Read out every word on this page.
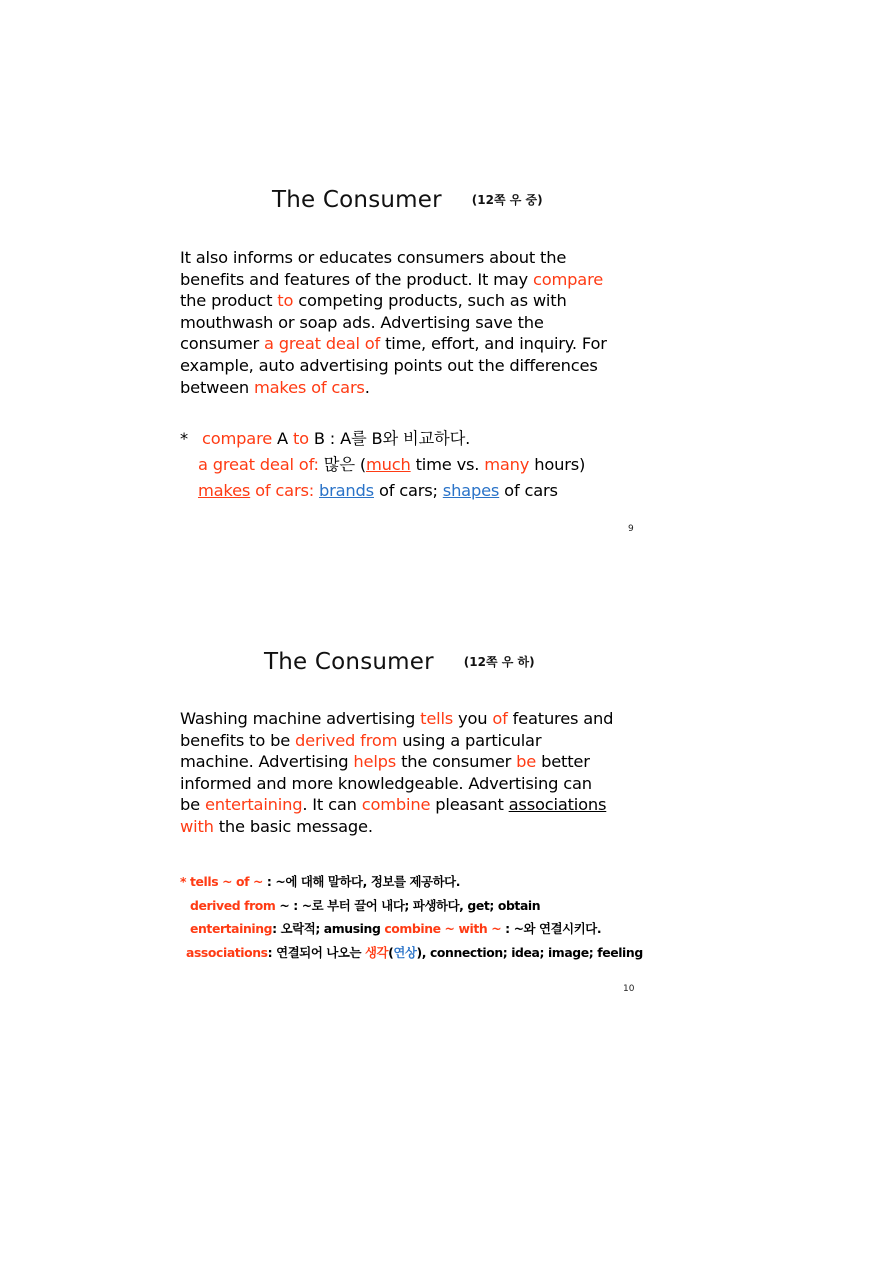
The Consumer	(12쪽 우 중)
It also informs or educates consumers about the
benefits and features of the product. It may compare
the product to competing products, such as with
mouthwash or soap ads. Advertising save the
consumer a great deal of time, effort, and inquiry. For
example, auto advertising points out the differences
between makes of cars.
* compare A to B : A를 B와 비교하다.
a great deal of: 많은 (much time vs. many hours)
makes of cars: brands of cars; shapes of cars
9
The Consumer	(12쪽 우 하)
Washing machine advertising tells you of features and
benefits to be derived from using a particular
machine. Advertising helps the consumer be better
informed and more knowledgeable. Advertising can
be entertaining. It can combine pleasant associations
with the basic message.
* tells ~ of ~ : ~에 대해 말하다, 정보를 제공하다.
derived from ~ : ~로 부터 끌어 내다; 파생하다, get; obtain
entertaining: 오락적; amusing combine ~ with ~ : ~와 연결시키다.
associations: 연결되어 나오는 생각(연상), connection; idea; image; feeling
10
